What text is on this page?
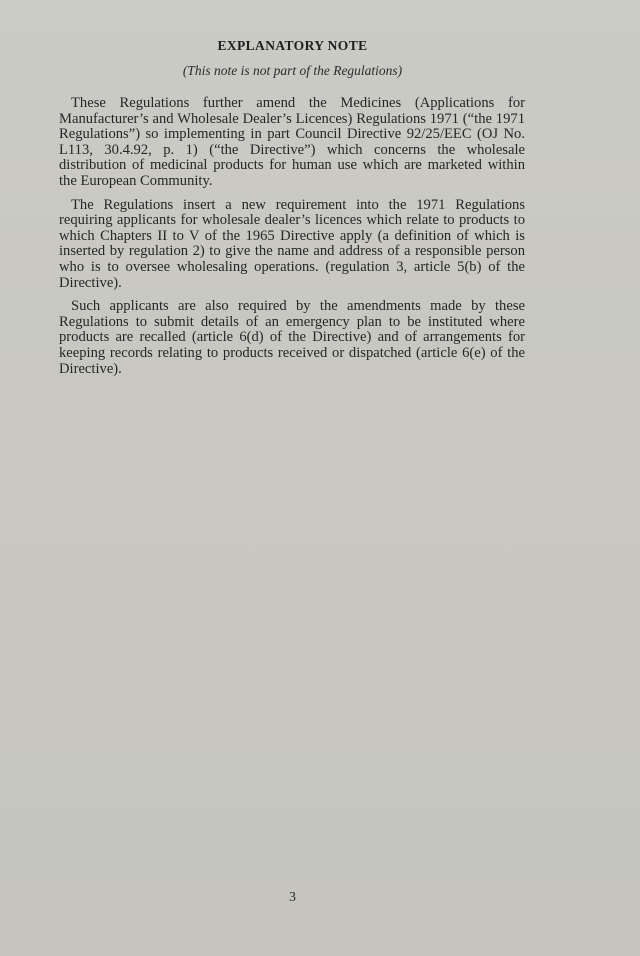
EXPLANATORY NOTE
(This note is not part of the Regulations)

These Regulations further amend the Medicines (Applications for Manufacturer’s and Wholesale Dealer’s Licences) Regulations 1971 (“the 1971 Regulations”) so implementing in part Council Directive 92/25/EEC (OJ No. L113, 30.4.92, p. 1) (“the Directive”) which concerns the wholesale distribution of medicinal products for human use which are marketed within the European Community.

The Regulations insert a new requirement into the 1971 Regulations requiring applicants for wholesale dealer’s licences which relate to products to which Chapters II to V of the 1965 Directive apply (a definition of which is inserted by regulation 2) to give the name and address of a responsible person who is to oversee wholesaling operations. (regulation 3, article 5(b) of the Directive).

Such applicants are also required by the amendments made by these Regulations to submit details of an emergency plan to be instituted where products are recalled (article 6(d) of the Directive) and of arrangements for keeping records relating to products received or dispatched (article 6(e) of the Directive).

3
